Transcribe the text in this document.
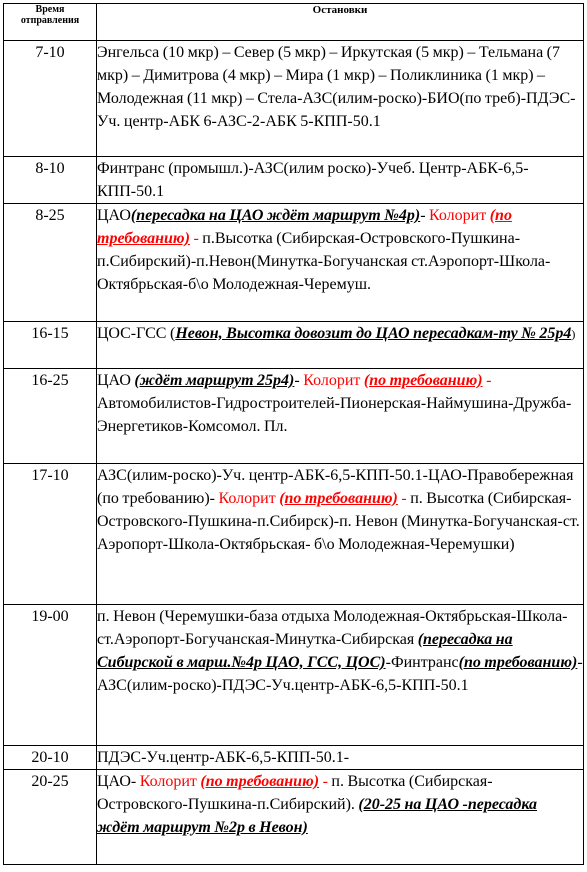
Время
отправления	Остановки
7-10	Энгельса (10 мкр) – Север (5 мкр) – Иркутская (5 мкр) – Тельмана (7 мкр) – Димитрова (4 мкр) – Мира (1 мкр) – Поликлиника (1 мкр) – Молодежная (11 мкр) – Стела-АЗС(илим-роско)-БИО(по треб)-ПДЭС-Уч. центр-АБК 6-АЗС-2-АБК 5-КПП-50.1
8-10	Финтранс (промышл.)-АЗС(илим роско)-Учеб. Центр-АБК-6,5-КПП-50.1
8-25	ЦАО(пересадка на ЦАО ждёт маршрут №4р)- Колорит (по требованию) - п.Высотка (Сибирская-Островского-Пушкина-п.Сибирский)-п.Невон(Минутка-Богучанская ст.Аэропорт-Школа-Октябрьская-б\о Молодежная-Черемуш.
16-15	ЦОС-ГСС (Невон, Высотка довозит до ЦАО пересадкам-ту № 25р4)
16-25	ЦАО (ждёт маршрут 25р4)- Колорит (по требованию) - Автомобилистов-Гидростроителей-Пионерская-Наймушина-Дружба-Энергетиков-Комсомол. Пл.
17-10	АЗС(илим-роско)-Уч. центр-АБК-6,5-КПП-50.1-ЦАО-Правобережная (по требованию)- Колорит (по требованию) - п. Высотка (Сибирская-Островского-Пушкина-п.Сибирск)-п. Невон (Минутка-Богучанская-ст. Аэропорт-Школа-Октябрьская- б\о Молодежная-Черемушки)
19-00	п. Невон (Черемушки-база отдыха Молодежная-Октябрьская-Школа-ст.Аэропорт-Богучанская-Минутка-Сибирская (пересадка на Сибирской в марш.№4р ЦАО, ГСС, ЦОС)-Финтранс(по требованию)-АЗС(илим-роско)-ПДЭС-Уч.центр-АБК-6,5-КПП-50.1
20-10	ПДЭС-Уч.центр-АБК-6,5-КПП-50.1-
20-25	ЦАО- Колорит (по требованию) - п. Высотка (Сибирская-Островского-Пушкина-п.Сибирский). (20-25 на ЦАО -пересадка ждёт маршрут №2р в Невон)
